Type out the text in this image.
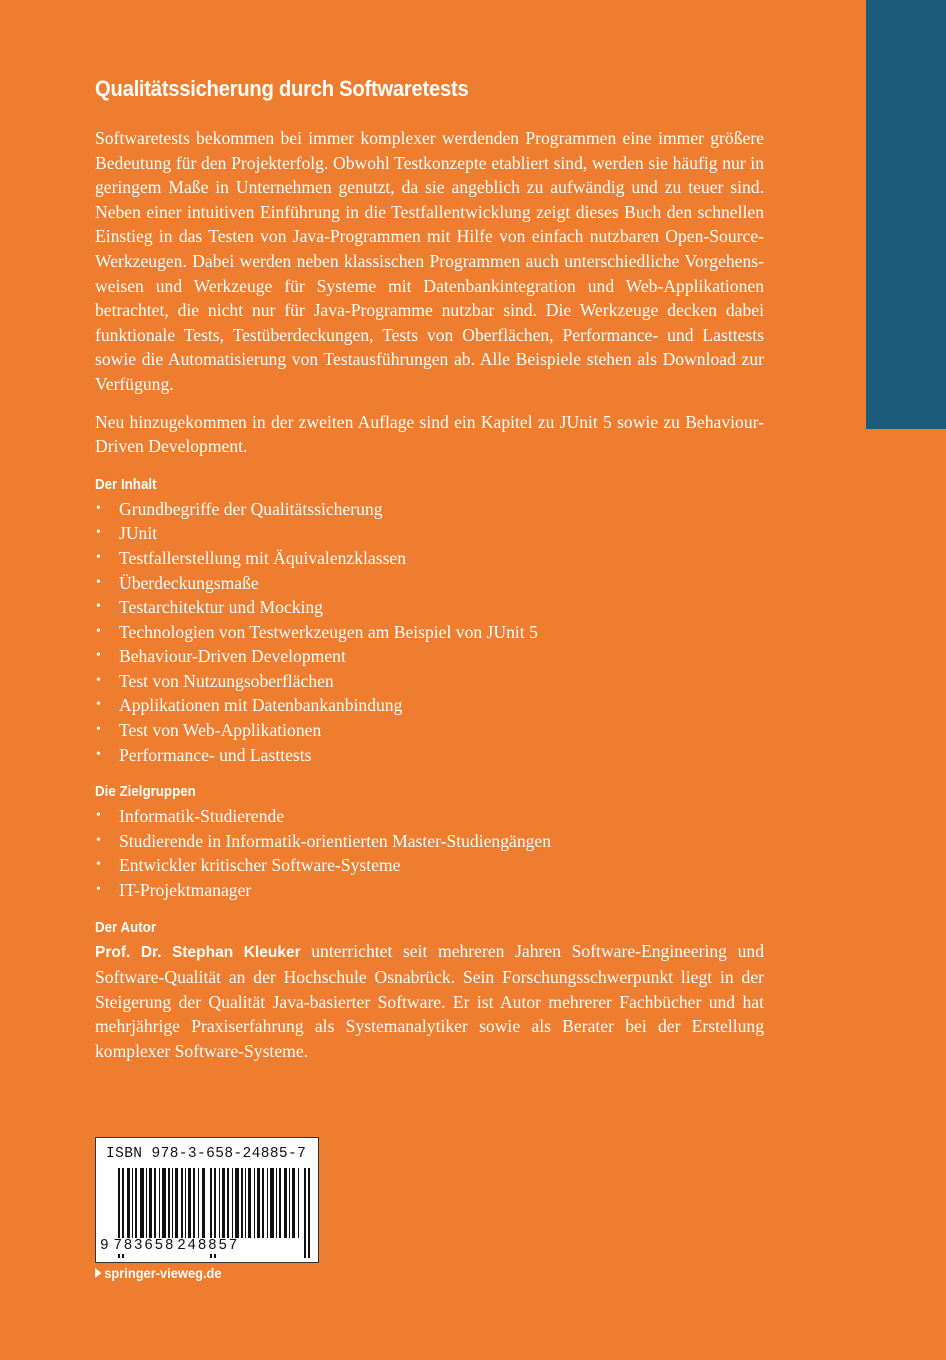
Qualitätssicherung durch Softwaretests

Softwaretests bekommen bei immer komplexer werdenden Programmen eine immer größere Bedeutung für den Projekterfolg. Obwohl Testkonzepte etabliert sind, werden sie häufig nur in geringem Maße in Unternehmen genutzt, da sie angeblich zu aufwändig und zu teuer sind. Neben einer intuitiven Einführung in die Testfallentwicklung zeigt dieses Buch den schnellen Einstieg in das Testen von Java-Programmen mit Hilfe von einfach nutzbaren Open-Source-Werkzeugen. Dabei werden neben klassischen Programmen auch unterschiedliche Vorgehensweisen und Werkzeuge für Systeme mit Datenbankintegration und Web-Applikationen betrachtet, die nicht nur für Java-Programme nutzbar sind. Die Werkzeuge decken dabei funktionale Tests, Testüberdeckungen, Tests von Oberflächen, Performance- und Lasttests sowie die Automatisierung von Testausführungen ab. Alle Beispiele stehen als Download zur Verfügung.

Neu hinzugekommen in der zweiten Auflage sind ein Kapitel zu JUnit 5 sowie zu Behaviour-Driven Development.

Der Inhalt
• Grundbegriffe der Qualitätssicherung
• JUnit
• Testfallerstellung mit Äquivalenzklassen
• Überdeckungsmaße
• Testarchitektur und Mocking
• Technologien von Testwerkzeugen am Beispiel von JUnit 5
• Behaviour-Driven Development
• Test von Nutzungsoberflächen
• Applikationen mit Datenbankanbindung
• Test von Web-Applikationen
• Performance- und Lasttests
Die Zielgruppen
• Informatik-Studierende
• Studierende in Informatik-orientierten Master-Studiengängen
• Entwickler kritischer Software-Systeme
• IT-Projektmanager
Der Autor

Prof. Dr. Stephan Kleuker unterrichtet seit mehreren Jahren Software-Engineering und Software-Qualität an der Hochschule Osnabrück. Sein Forschungsschwerpunkt liegt in der Steigerung der Qualität Java-basierter Software. Er ist Autor mehrerer Fachbücher und hat mehrjährige Praxiserfahrung als Systemanalytiker sowie als Berater bei der Erstellung komplexer Software-Systeme.

ISBN 978-3-658-24885-7
9 783658 248857
springer-vieweg.de
